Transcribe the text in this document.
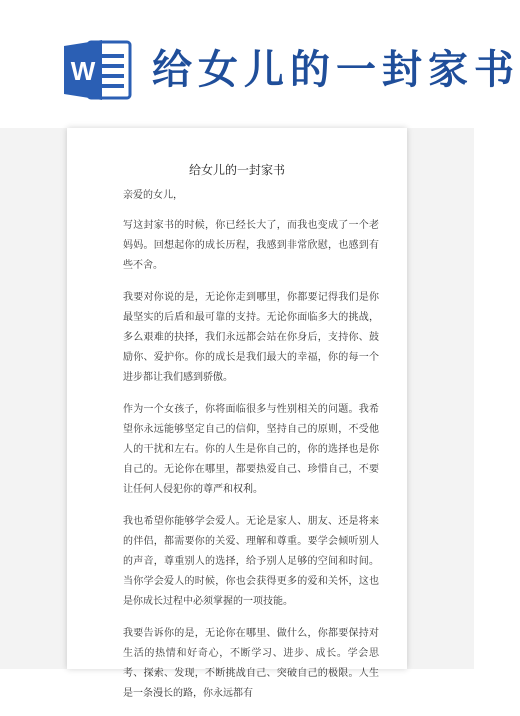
W 给女儿的一封家书
给女儿的一封家书

亲爱的女儿，

写这封家书的时候，你已经长大了，而我也变成了一个老妈妈。回想起你的成长历程，我感到非常欣慰，也感到有些不舍。

我要对你说的是，无论你走到哪里，你都要记得我们是你最坚实的后盾和最可靠的支持。无论你面临多大的挑战，多么艰难的抉择，我们永远都会站在你身后，支持你、鼓励你、爱护你。你的成长是我们最大的幸福，你的每一个进步都让我们感到骄傲。

作为一个女孩子，你将面临很多与性别相关的问题。我希望你永远能够坚定自己的信仰，坚持自己的原则，不受他人的干扰和左右。你的人生是你自己的，你的选择也是你自己的。无论你在哪里，都要热爱自己、珍惜自己，不要让任何人侵犯你的尊严和权利。

我也希望你能够学会爱人。无论是家人、朋友、还是将来的伴侣，都需要你的关爱、理解和尊重。要学会倾听别人的声音，尊重别人的选择，给予别人足够的空间和时间。当你学会爱人的时候，你也会获得更多的爱和关怀，这也是你成长过程中必须掌握的一项技能。

我要告诉你的是，无论你在哪里、做什么，你都要保持对生活的热情和好奇心，不断学习、进步、成长。学会思考、探索、发现，不断挑战自己、突破自己的极限。人生是一条漫长的路，你永远都有
